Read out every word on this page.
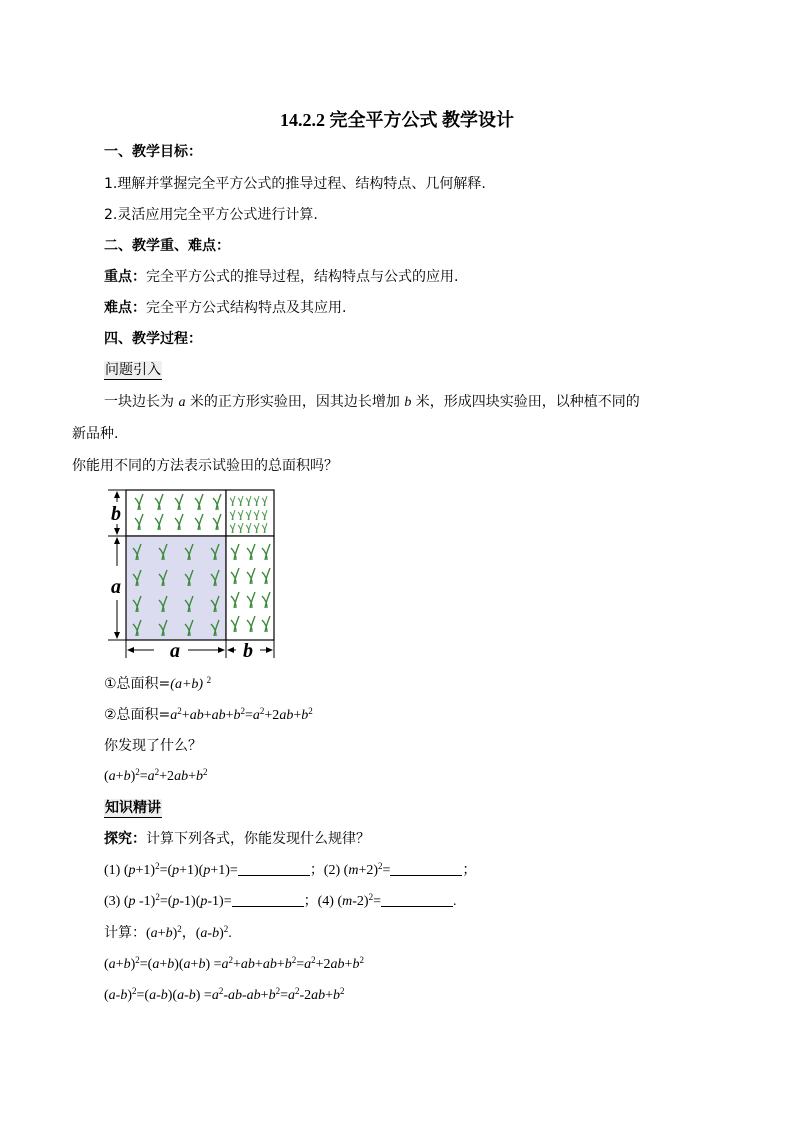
14.2.2 完全平方公式 教学设计
一、教学目标：
1.理解并掌握完全平方公式的推导过程、结构特点、几何解释.
2.灵活应用完全平方公式进行计算.
二、教学重、难点：
重点：完全平方公式的推导过程，结构特点与公式的应用.
难点：完全平方公式结构特点及其应用.
四、教学过程：
问题引入
一块边长为 a 米的正方形实验田，因其边长增加 b 米，形成四块实验田，以种植不同的
新品种.
你能用不同的方法表示试验田的总面积吗？
b
a
a	b
①总面积=(a+b) $^2$
②总面积$=a^2+ab+ab+b^2=a^2+2ab+b^2$
你发现了什么？
$(a+b)^2=a^2+2ab+b^2$
知识精讲
探究：计算下列各式，你能发现什么规律？
(1) $(p+1)^2=(p+1)(p+1)=$	；(2) $(m+2)^2=$	；
(3) (p -1)$^2$=(p-1)(p-1)=	；(4) $(m-2)^2=$	.
计算：$(a+b)^2$，$(a-b)^2$.
$(a+b)^2=(a+b)(a+b) =a^2+ab+ab+b^2=a^2+2ab+b^2$
$(a-b)^2=(a-b)(a-b) =a^2-ab-ab+b^2=a^2-2ab+b^2$
